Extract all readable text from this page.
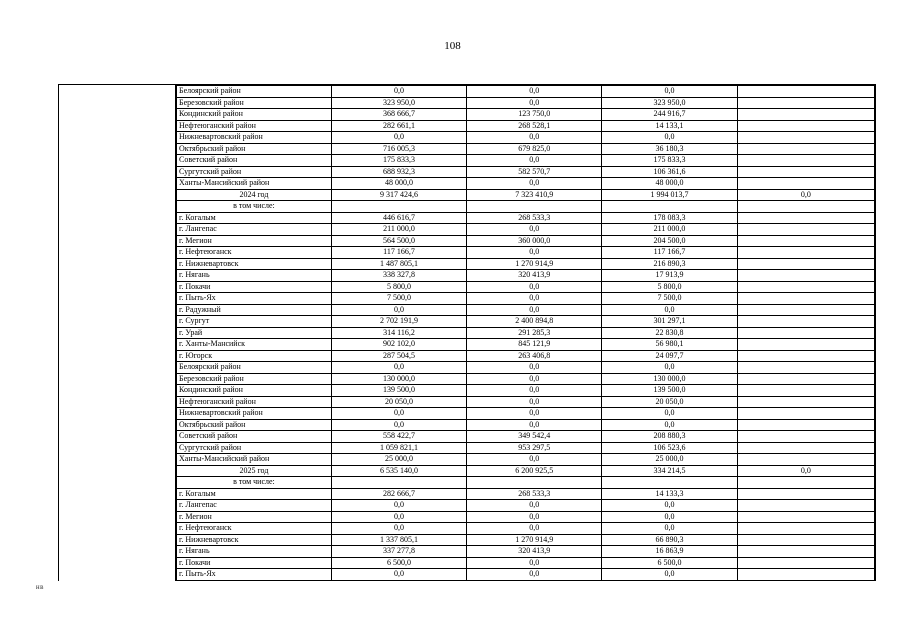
108
Белоярский район	0,0	0,0	0,0	
Березовский район	323 950,0	0,0	323 950,0	
Кондинский район	368 666,7	123 750,0	244 916,7	
Нефтеюганский район	282 661,1	268 528,1	14 133,1	
Нижневартовский район	0,0	0,0	0,0	
Октябрьский район	716 005,3	679 825,0	36 180,3	
Советский район	175 833,3	0,0	175 833,3	
Сургутский район	688 932,3	582 570,7	106 361,6	
Ханты-Мансийский район	48 000,0	0,0	48 000,0	
2024 год	9 317 424,6	7 323 410,9	1 994 013,7	0,0
в том числе:				
г. Когалым	446 616,7	268 533,3	178 083,3	
г. Лангепас	211 000,0	0,0	211 000,0	
г. Мегион	564 500,0	360 000,0	204 500,0	
г. Нефтеюганск	117 166,7	0,0	117 166,7	
г. Нижневартовск	1 487 805,1	1 270 914,9	216 890,3	
г. Нягань	338 327,8	320 413,9	17 913,9	
г. Покачи	5 800,0	0,0	5 800,0	
г. Пыть-Ях	7 500,0	0,0	7 500,0	
г. Радужный	0,0	0,0	0,0	
г. Сургут	2 702 191,9	2 400 894,8	301 297,1	
г. Урай	314 116,2	291 285,3	22 830,8	
г. Ханты-Мансийск	902 102,0	845 121,9	56 980,1	
г. Югорск	287 504,5	263 406,8	24 097,7	
Белоярский район	0,0	0,0	0,0	
Березовский район	130 000,0	0,0	130 000,0	
Кондинский район	139 500,0	0,0	139 500,0	
Нефтеюганский район	20 050,0	0,0	20 050,0	
Нижневартовский район	0,0	0,0	0,0	
Октябрьский район	0,0	0,0	0,0	
Советский район	558 422,7	349 542,4	208 880,3	
Сургутский район	1 059 821,1	953 297,5	106 523,6	
Ханты-Мансийский район	25 000,0	0,0	25 000,0	
2025 год	6 535 140,0	6 200 925,5	334 214,5	0,0
в том числе:				
г. Когалым	282 666,7	268 533,3	14 133,3	
г. Лангепас	0,0	0,0	0,0	
г. Мегион	0,0	0,0	0,0	
г. Нефтеюганск	0,0	0,0	0,0	
г. Нижневартовск	1 337 805,1	1 270 914,9	66 890,3	
г. Нягань	337 277,8	320 413,9	16 863,9	
г. Покачи	6 500,0	0,0	6 500,0	
г. Пыть-Ях	0,0	0,0	0,0	
HB
